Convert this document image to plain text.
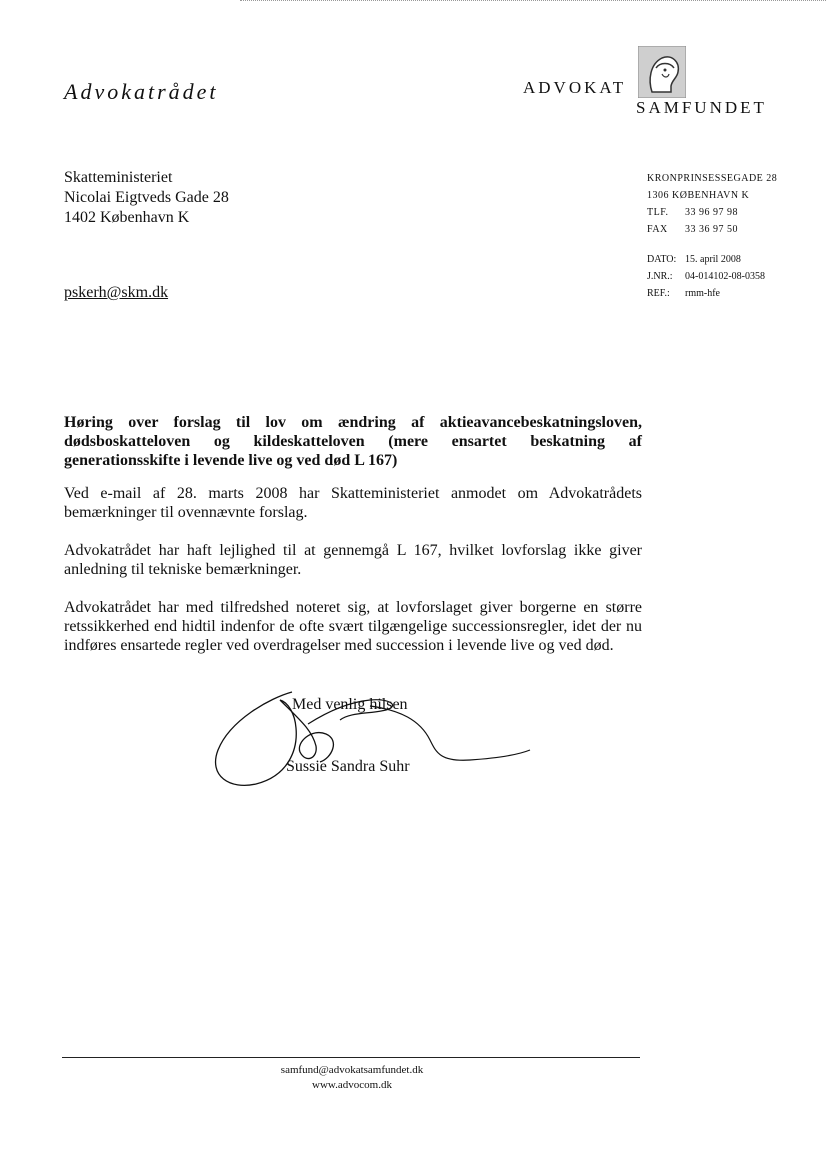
Advokatrådet	ADVOKAT
SAMFUNDET
Skatteministeriet
Nicolai Eigtveds Gade 28
1402 København K
pskerh@skm.dk
KRONPRINSESSEGADE 28
1306 KØBENHAVN K
TLF. 33 96 97 98
FAX 33 36 97 50
DATO: 15. april 2008
J.NR.: 04-014102-08-0358
REF.: rmm-hfe

Høring over forslag til lov om ændring af aktieavancebeskatningsloven, dødsboskatteloven og kildeskatteloven (mere ensartet beskatning af generationsskifte i levende live og ved død L 167)

Ved e-mail af 28. marts 2008 har Skatteministeriet anmodet om Advokatrådets bemærkninger til ovennævnte forslag.

Advokatrådet har haft lejlighed til at gennemgå L 167, hvilket lovforslag ikke giver anledning til tekniske bemærkninger.

Advokatrådet har med tilfredshed noteret sig, at lovforslaget giver borgerne en større retssikkerhed end hidtil indenfor de ofte svært tilgængelige successionsregler, idet der nu indføres ensartede regler ved overdragelser med succession i levende live og ved død.

Med venlig hilsen
Sussie Sandra Suhr
samfund@advokatsamfundet.dk
www.advocom.dk
